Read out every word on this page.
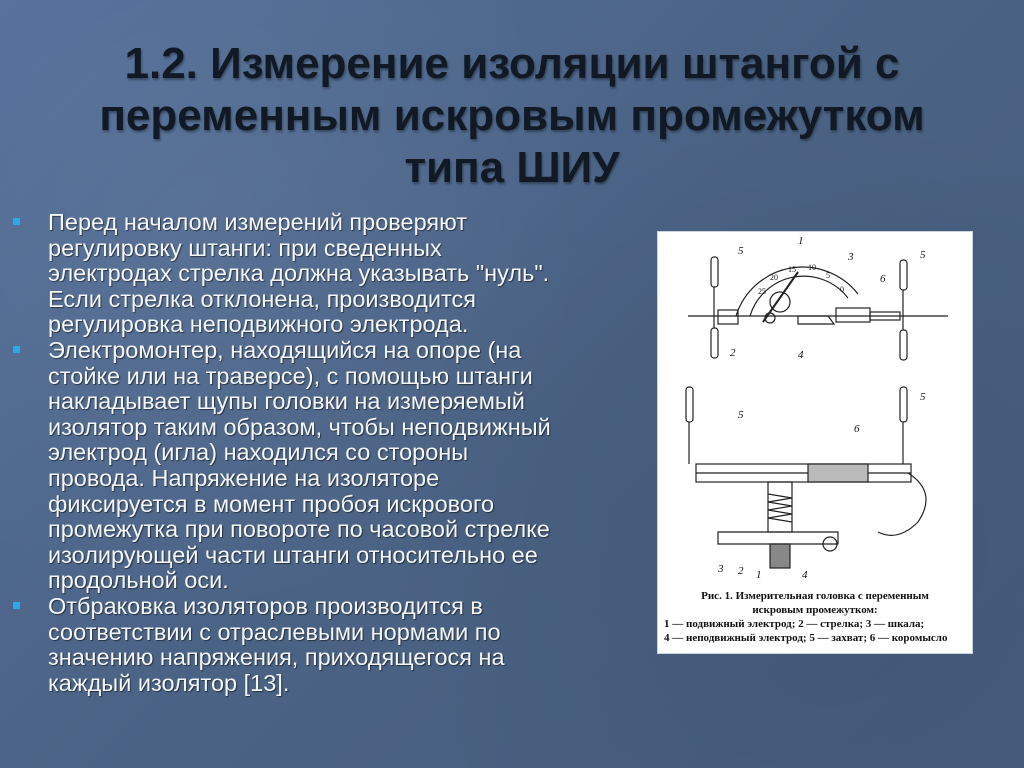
1.2. Измерение изоляции штангой с
переменным искровым промежутком
типа ШИУ
Перед началом измерений проверяют
регулировку штанги: при сведенных
электродах стрелка должна указывать "нуль".
Если стрелка отклонена, производится
регулировка неподвижного электрода.
Электромонтер, находящийся на опоре (на
стойке или на траверсе), с помощью штанги
накладывает щупы головки на измеряемый
изолятор таким образом, чтобы неподвижный
электрод (игла) находился со стороны
провода. Напряжение на изоляторе
фиксируется в момент пробоя искрового
промежутка при повороте по часовой стрелке
изолирующей части штанги относительно ее
продольной оси.
Отбраковка изоляторов производится в
соответствии с отраслевыми нормами по
значению напряжения, приходящегося на
каждый изолятор [13].
5
1
3
6
5
2	4
5
5
6
3 2 1	4
25
20
15 10
5
0
Рис. 1. Измерительная головка с переменным
искровым промежутком:
1 — подвижный электрод; 2 — стрелка; 3 — шкала;
4 — неподвижный электрод; 5 — захват; 6 — коромысло
